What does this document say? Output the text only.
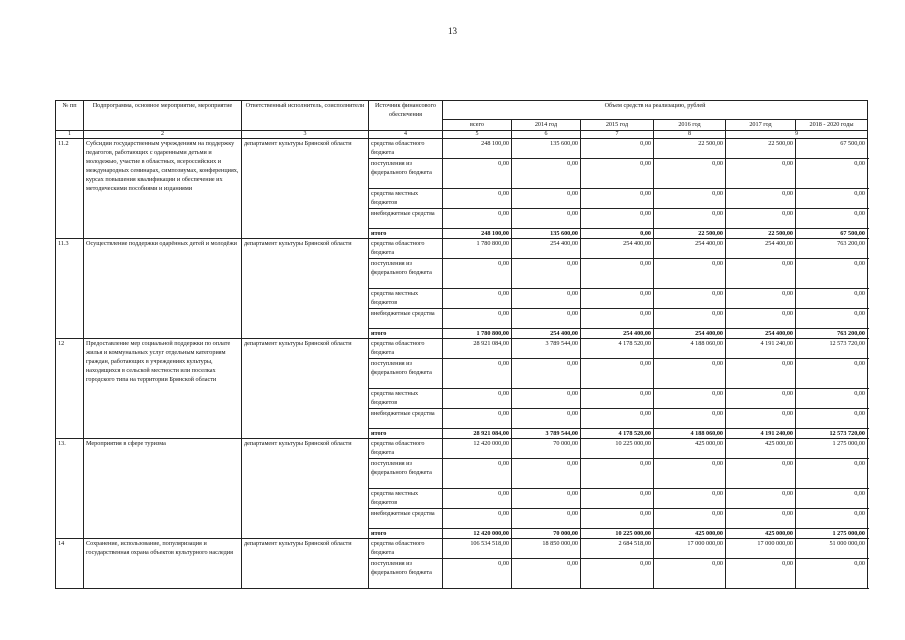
13
№ пп	Подпрограмма, основное мероприятие, мероприятие	Ответственный исполнитель, соисполнители	Источник финансового обеспечения	Объем средств на реализацию, рублей					
				всего	2014 год	2015 год	2016 год	2017 год	2018 - 2020 годы
1	2	3	4	5	6	7	8	9	
11.2	Субсидии государственным учреждениям на поддержку педагогов, работающих с одаренными детьми и молодежью, участие в областных, всероссийских и международных семинарах, симпозиумах, конференциях, курсах повышения квалификации и обеспечение их методическими пособиями и изданиями	департамент культуры Брянской области	средства областного бюджета	248 100,00	135 600,00	0,00	22 500,00	22 500,00	67 500,00
			поступления из федерального бюджета	0,00	0,00	0,00	0,00	0,00	0,00
			средства местных бюджетов	0,00	0,00	0,00	0,00	0,00	0,00
			внебюджетные средства	0,00	0,00	0,00	0,00	0,00	0,00
			итого	248 100,00	135 600,00	0,00	22 500,00	22 500,00	67 500,00
11.3	Осуществление поддержки одарённых детей и молодёжи	департамент культуры Брянской области	средства областного бюджета	1 780 800,00	254 400,00	254 400,00	254 400,00	254 400,00	763 200,00
			поступления из федерального бюджета	0,00	0,00	0,00	0,00	0,00	0,00
			средства местных бюджетов	0,00	0,00	0,00	0,00	0,00	0,00
			внебюджетные средства	0,00	0,00	0,00	0,00	0,00	0,00
			итого	1 780 800,00	254 400,00	254 400,00	254 400,00	254 400,00	763 200,00
12	Предоставление мер социальной поддержки по оплате жилья и коммунальных услуг отдельным категориям граждан, работающих в учреждениях культуры, находящихся в сельской местности или поселках городского типа на территории Брянской области	департамент культуры Брянской области	средства областного бюджета	28 921 084,00	3 789 544,00	4 178 520,00	4 188 060,00	4 191 240,00	12 573 720,00
			поступления из федерального бюджета	0,00	0,00	0,00	0,00	0,00	0,00
			средства местных бюджетов	0,00	0,00	0,00	0,00	0,00	0,00
			внебюджетные средства	0,00	0,00	0,00	0,00	0,00	0,00
			итого	28 921 084,00	3 789 544,00	4 178 520,00	4 188 060,00	4 191 240,00	12 573 720,00
13.	Мероприятия в сфере туризма	департамент культуры Брянской области	средства областного бюджета	12 420 000,00	70 000,00	10 225 000,00	425 000,00	425 000,00	1 275 000,00
			поступления из федерального бюджета	0,00	0,00	0,00	0,00	0,00	0,00
			средства местных бюджетов	0,00	0,00	0,00	0,00	0,00	0,00
			внебюджетные средства	0,00	0,00	0,00	0,00	0,00	0,00
			итого	12 420 000,00	70 000,00	10 225 000,00	425 000,00	425 000,00	1 275 000,00
14	Сохранение, использование, популяризация и государственная охрана объектов культурного наследия	департамент культуры Брянской области	средства областного бюджета	106 534 518,00	18 850 000,00	2 684 518,00	17 000 000,00	17 000 000,00	51 000 000,00
			поступления из федерального бюджета	0,00	0,00	0,00	0,00	0,00	0,00
